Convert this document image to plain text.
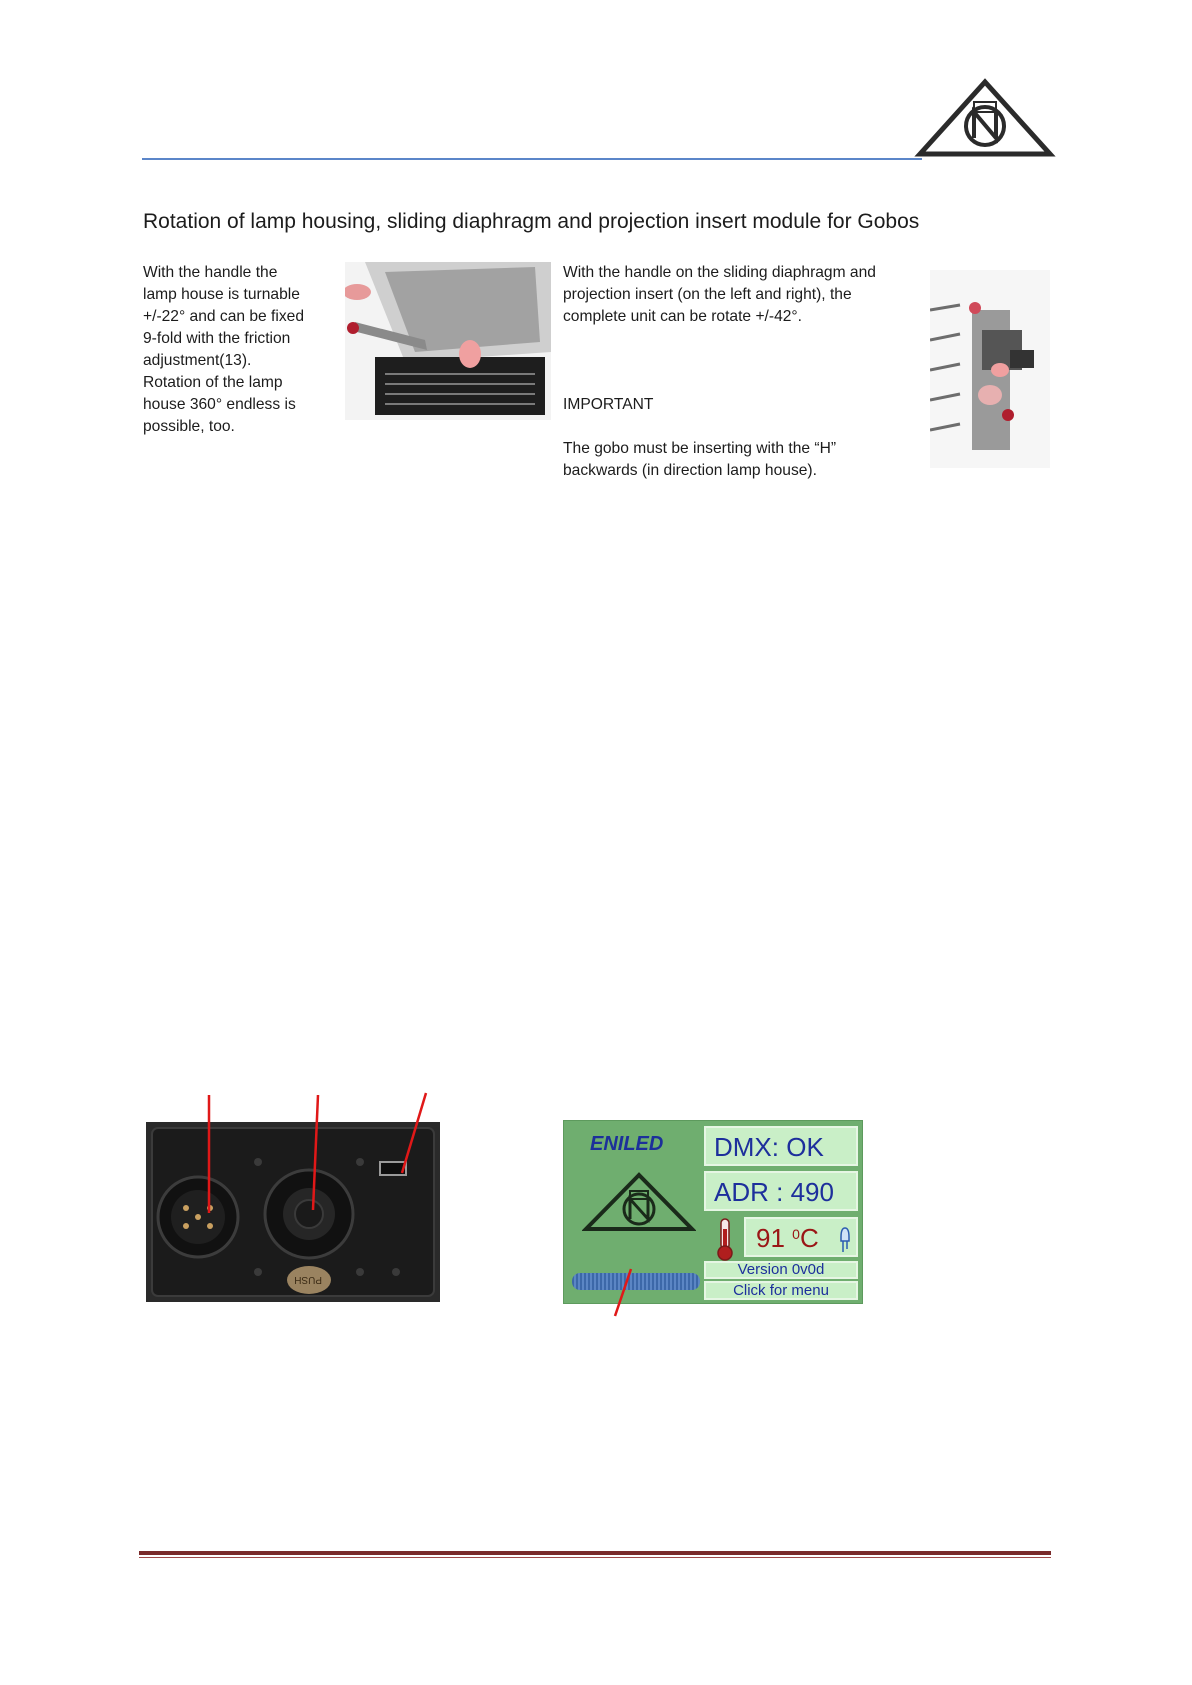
Rotation of lamp housing, sliding diaphragm and projection insert module for Gobos
With the handle the
lamp house is turnable
+/-22° and can be fixed
9-fold with the friction
adjustment(13).
Rotation of the lamp
house 360° endless is
possible, too.
With the handle on the sliding diaphragm and
projection insert (on the left and right), the
complete unit can be rotate +/-42°.

IMPORTANT

The gobo must be inserting with the “H”
backwards (in direction lamp house).

PUSH
ENILED	DMX: OK
ADR : 490
91 $^0$C
Version 0v0d
Click for menu
